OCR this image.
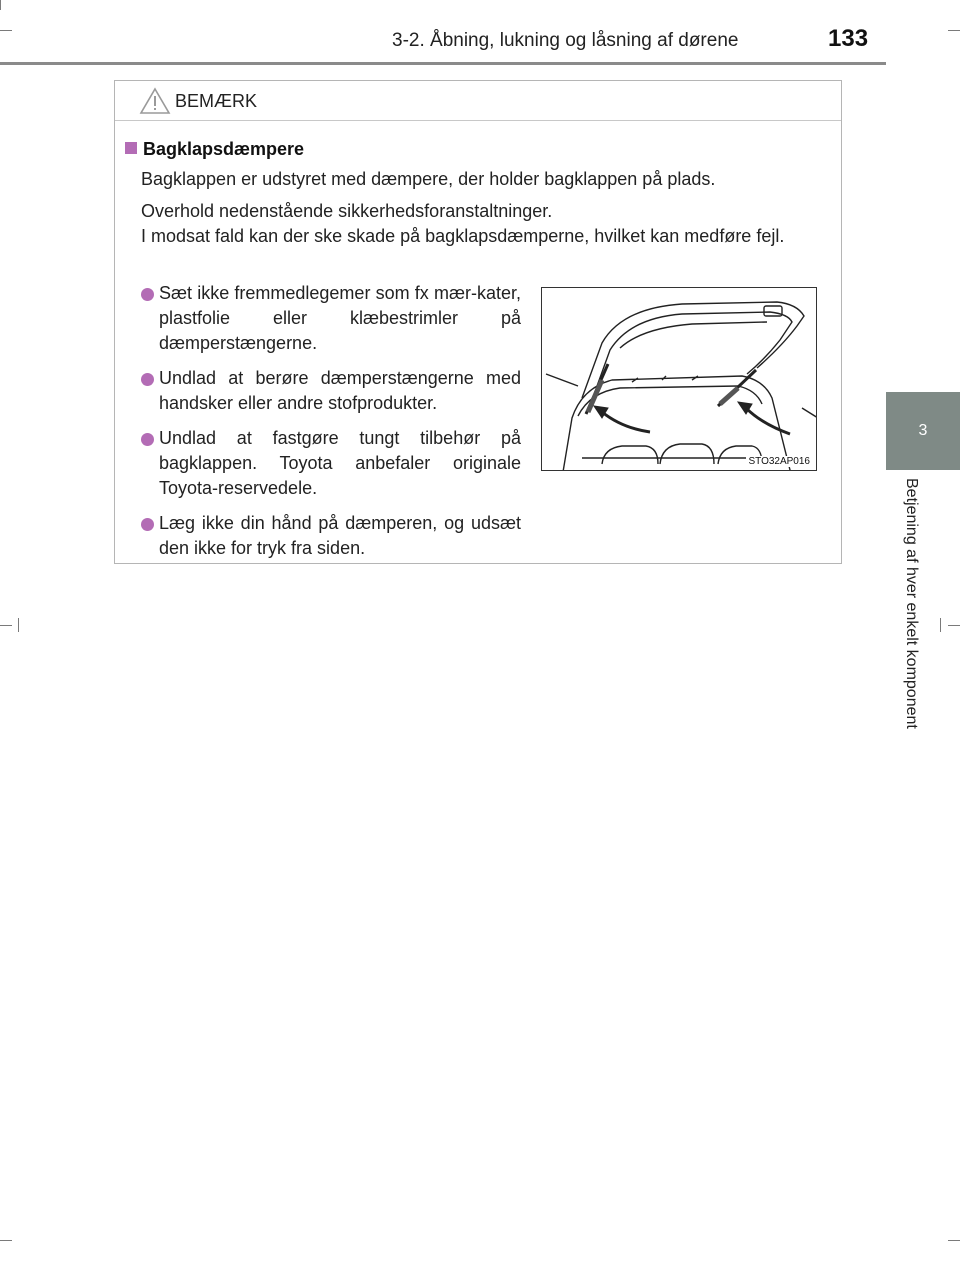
3-2. Åbning, lukning og låsning af dørene	133
3
Betjening af hver enkelt komponent
BEMÆRK
Bagklapsdæmpere
Bagklappen er udstyret med dæmpere, der holder bagklappen på plads.
Overhold nedenstående sikkerhedsforanstaltninger.
I modsat fald kan der ske skade på bagklapsdæmperne, hvilket kan medføre fejl.
Sæt ikke fremmedlegemer som fx mær-kater, plastfolie eller klæbestrimler på dæmperstængerne.
Undlad at berøre dæmperstængerne med handsker eller andre stofprodukter.
Undlad at fastgøre tungt tilbehør på bagklappen. Toyota anbefaler originale Toyota-reservedele.
Læg ikke din hånd på dæmperen, og udsæt den ikke for tryk fra siden.
STO32AP016
